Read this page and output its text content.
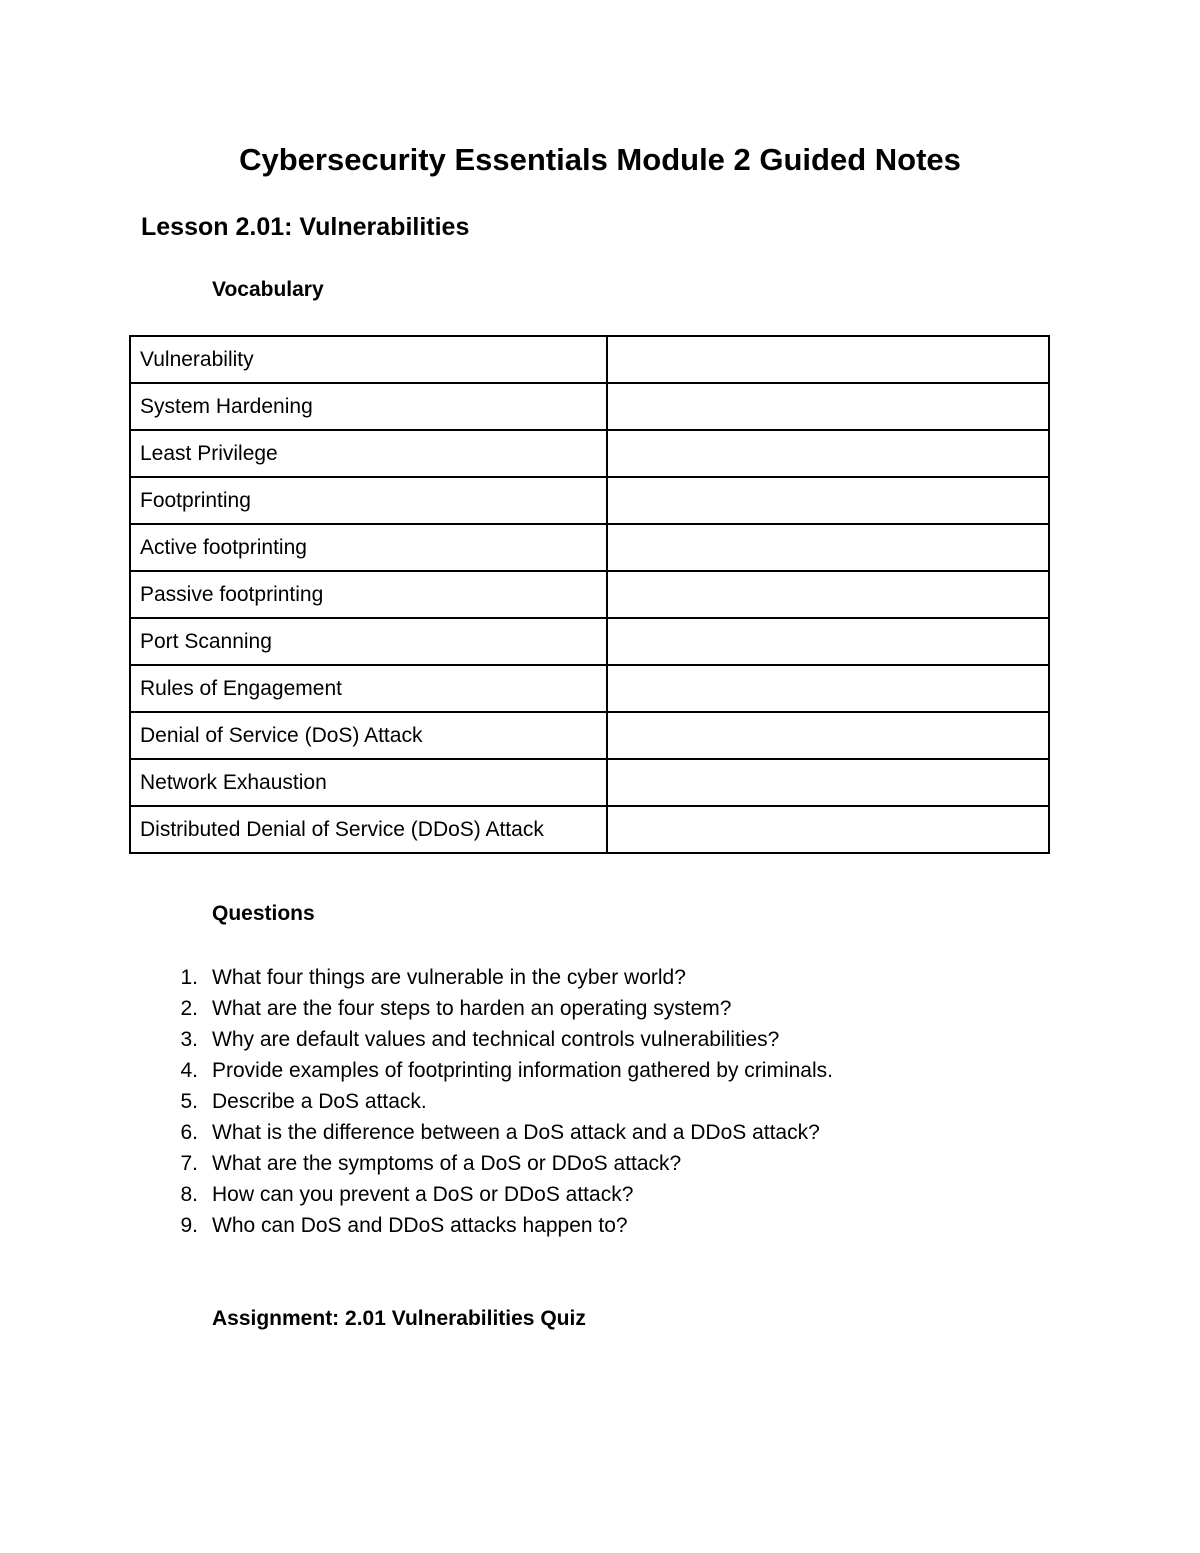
Cybersecurity Essentials Module 2 Guided Notes
Lesson 2.01: Vulnerabilities
Vocabulary
Vulnerability	
System Hardening	
Least Privilege	
Footprinting	
Active footprinting	
Passive footprinting	
Port Scanning	
Rules of Engagement	
Denial of Service (DoS) Attack	
Network Exhaustion	
Distributed Denial of Service (DDoS) Attack	
Questions
1. What four things are vulnerable in the cyber world?
2. What are the four steps to harden an operating system?
3. Why are default values and technical controls vulnerabilities?
4. Provide examples of footprinting information gathered by criminals.
5. Describe a DoS attack.
6. What is the difference between a DoS attack and a DDoS attack?
7. What are the symptoms of a DoS or DDoS attack?
8. How can you prevent a DoS or DDoS attack?
9. Who can DoS and DDoS attacks happen to?
Assignment: 2.01 Vulnerabilities Quiz
